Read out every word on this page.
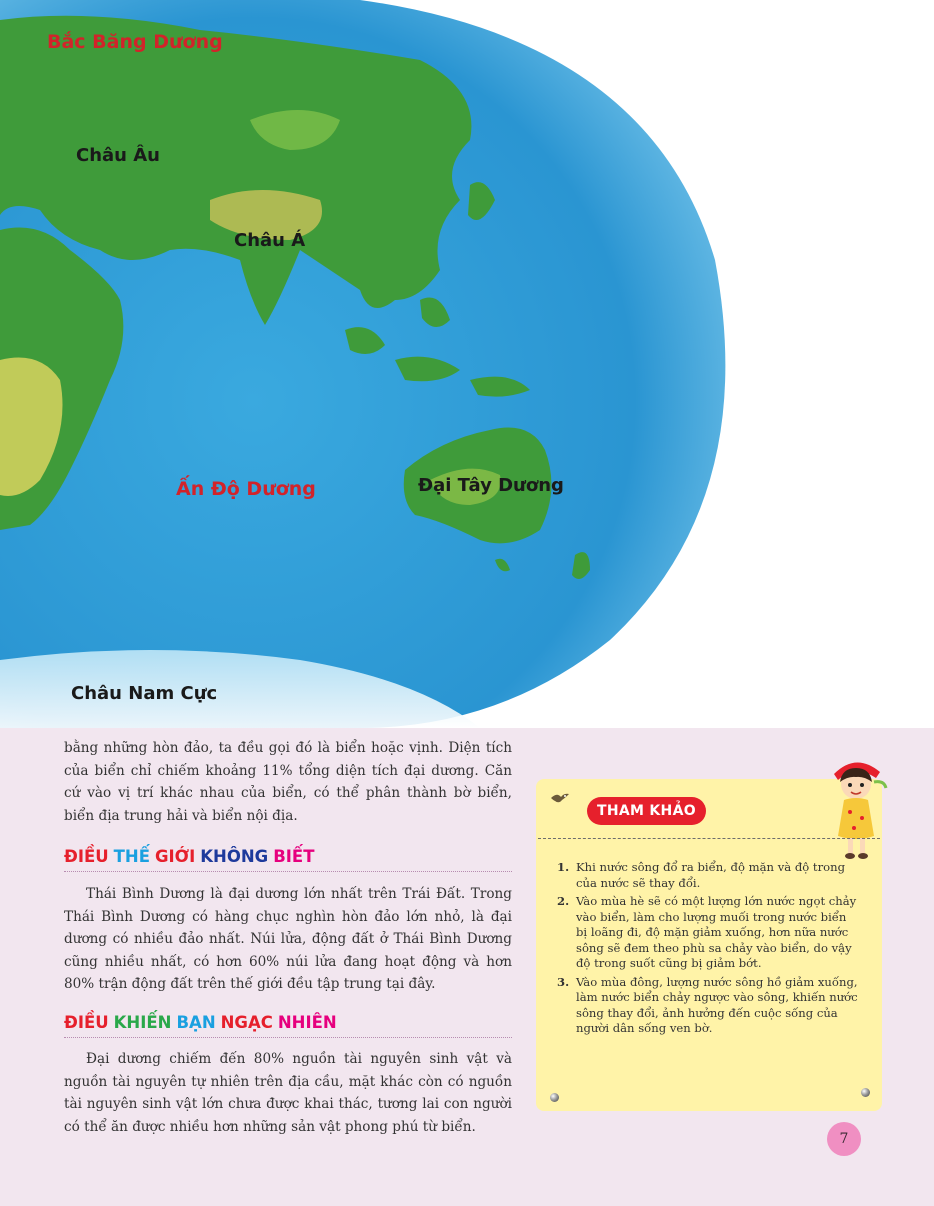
Bắc Băng Dương
Châu Âu
Châu Á
Ấn Độ Dương	Đại Tây Dương
Châu Nam Cực

bằng những hòn đảo, ta đều gọi đó là biển hoặc vịnh. Diện tích của biển chỉ chiếm khoảng 11% tổng diện tích đại dương. Căn cứ vào vị trí khác nhau của biển, có thể phân thành bờ biển, biển địa trung hải và biển nội địa.

ĐIỀU THẾ GIỚI KHÔNG BIẾT

Thái Bình Dương là đại dương lớn nhất trên Trái Đất. Trong Thái Bình Dương có hàng chục nghìn hòn đảo lớn nhỏ, là đại dương có nhiều đảo nhất. Núi lửa, động đất ở Thái Bình Dương cũng nhiều nhất, có hơn 60% núi lửa đang hoạt động và hơn 80% trận động đất trên thế giới đều tập trung tại đây.

ĐIỀU KHIẾN BẠN NGẠC NHIÊN

Đại dương chiếm đến 80% nguồn tài nguyên sinh vật và nguồn tài nguyên tự nhiên trên địa cầu, mặt khác còn có nguồn tài nguyên sinh vật lớn chưa được khai thác, tương lai con người có thể ăn được nhiều hơn những sản vật phong phú từ biển.

THAM KHẢO
1. Khi nước sông đổ ra biển, độ mặn và độ trong của nước sẽ thay đổi.
2. Vào mùa hè sẽ có một lượng lớn nước ngọt chảy vào biển, làm cho lượng muối trong nước biển bị loãng đi, độ mặn giảm xuống, hơn nữa nước sông sẽ đem theo phù sa chảy vào biển, do vậy độ trong suốt cũng bị giảm bớt.
3. Vào mùa đông, lượng nước sông hồ giảm xuống, làm nước biển chảy ngược vào sông, khiến nước sông thay đổi, ảnh hưởng đến cuộc sống của người dân sống ven bờ.
7
